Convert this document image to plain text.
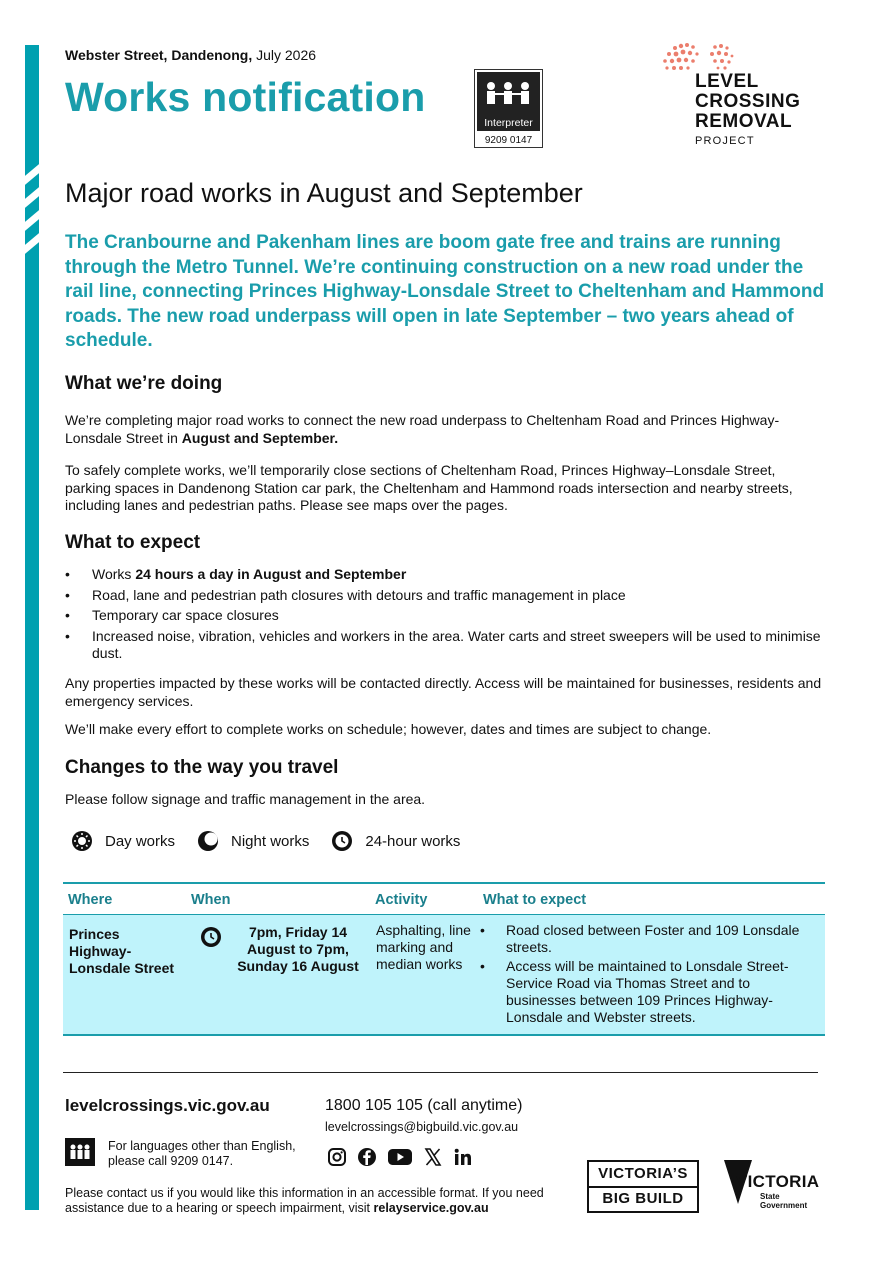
Webster Street, Dandenong, July 2026
Works notification
Interpreter
9209 0147
LEVEL
CROSSING
REMOVAL
PROJECT
Major road works in August and September
The Cranbourne and Pakenham lines are boom gate free and trains are running through the Metro Tunnel. We’re continuing construction on a new road under the rail line, connecting Princes Highway-Lonsdale Street to Cheltenham and Hammond roads. The new road underpass will open in late September – two years ahead of schedule.
What we’re doing
We’re completing major road works to connect the new road underpass to Cheltenham Road and Princes Highway-Lonsdale Street in August and September.
To safely complete works, we’ll temporarily close sections of Cheltenham Road, Princes Highway–Lonsdale Street, parking spaces in Dandenong Station car park, the Cheltenham and Hammond roads intersection and nearby streets, including lanes and pedestrian paths. Please see maps over the pages.
What to expect
• Works 24 hours a day in August and September
• Road, lane and pedestrian path closures with detours and traffic management in place
• Temporary car space closures
• Increased noise, vibration, vehicles and workers in the area. Water carts and street sweepers will be used to minimise dust.
Any properties impacted by these works will be contacted directly. Access will be maintained for businesses, residents and emergency services.
We’ll make every effort to complete works on schedule; however, dates and times are subject to change.
Changes to the way you travel
Please follow signage and traffic management in the area.
Day works	Night works	24-hour works
Where	When	Activity	What to expect
Princes Highway-Lonsdale Street	7pm, Friday 14 August to 7pm, Sunday 16 August	Asphalting, line marking and median works	• Road closed between Foster and 109 Lonsdale streets.
• Access will be maintained to Lonsdale Street-Service Road via Thomas Street and to businesses between 109 Princes Highway-Lonsdale and Webster streets.
levelcrossings.vic.gov.au	1800 105 105 (call anytime)
levelcrossings@bigbuild.vic.gov.au
For languages other than English, please call 9209 0147.
Please contact us if you would like this information in an accessible format. If you need assistance due to a hearing or speech impairment, visit relayservice.gov.au
VICTORIA’S
BIG BUILD
VICTORIA
State
Government
